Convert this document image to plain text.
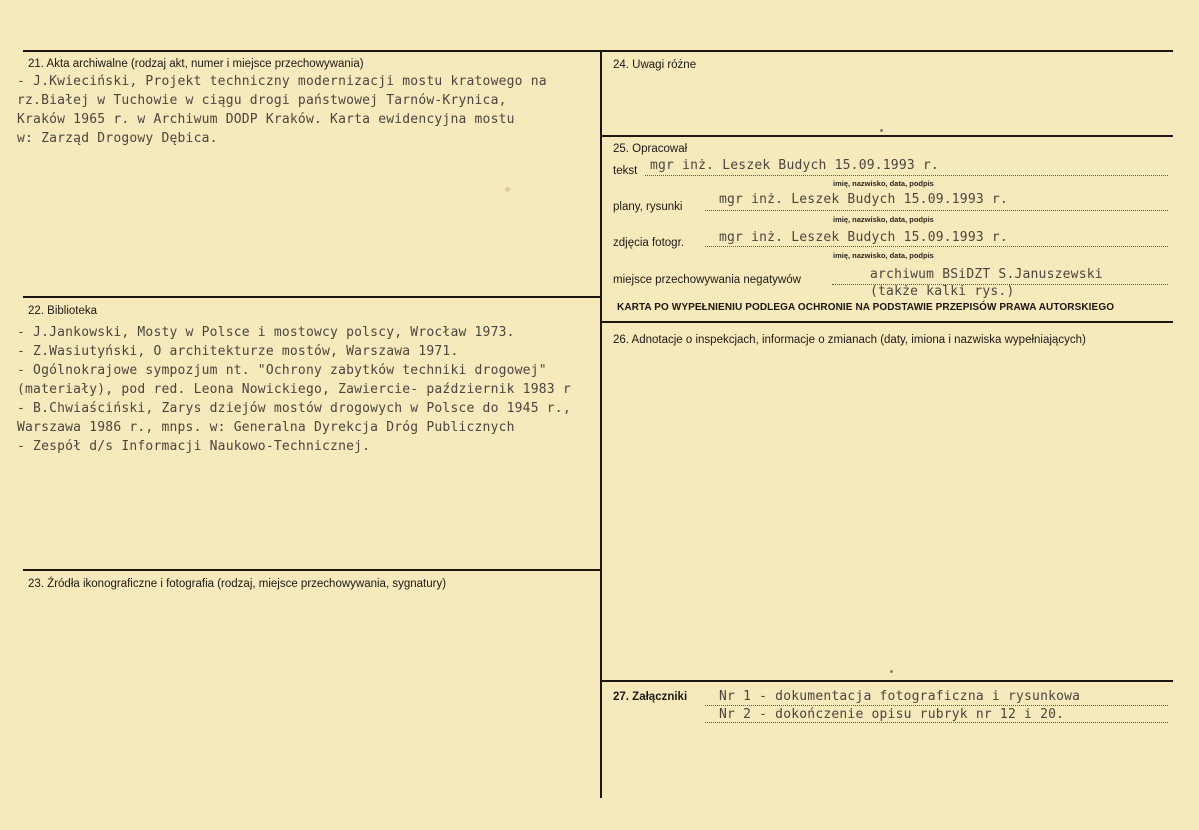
21. Akta archiwalne (rodzaj akt, numer i miejsce przechowywania)
- J.Kwieciński, Projekt techniczny modernizacji mostu kratowego na
rz.Białej w Tuchowie w ciągu drogi państwowej Tarnów-Krynica,
Kraków 1965 r. w Archiwum DODP Kraków. Karta ewidencyjna mostu
w: Zarząd Drogowy Dębica.
22. Biblioteka
- J.Jankowski, Mosty w Polsce i mostowcy polscy, Wrocław 1973.
- Z.Wasiutyński, O architekturze mostów, Warszawa 1971.
- Ogólnokrajowe sympozjum nt. "Ochrony zabytków techniki drogowej"
(materiały), pod red. Leona Nowickiego, Zawiercie- październik 1983 r
- B.Chwiaściński, Zarys dziejów mostów drogowych w Polsce do 1945 r.,
Warszawa 1986 r., mnps. w: Generalna Dyrekcja Dróg Publicznych
- Zespół d/s Informacji Naukowo-Technicznej.
23. Źródła ikonograficzne i fotografia (rodzaj, miejsce przechowywania, sygnatury)
24. Uwagi różne
25. Opracował
tekst mgr inż. Leszek Budych 15.09.1993 r.
imię, nazwisko, data, podpis
plany, rysunki	mgr inż. Leszek Budych 15.09.1993 r.
imię, nazwisko, data, podpis
zdjęcia fotogr.	mgr inż. Leszek Budych 15.09.1993 r.
imię, nazwisko, data, podpis
miejsce przechowywania negatywów	archiwum BSiDZT S.Januszewski
(także kalki rys.)
KARTA PO WYPEŁNIENIU PODLEGA OCHRONIE NA PODSTAWIE PRZEPISÓW PRAWA AUTORSKIEGO
26. Adnotacje o inspekcjach, informacje o zmianach (daty, imiona i nazwiska wypełniających)
27. Załączniki Nr 1 - dokumentacja fotograficzna i rysunkowa
Nr 2 - dokończenie opisu rubryk nr 12 i 20.
